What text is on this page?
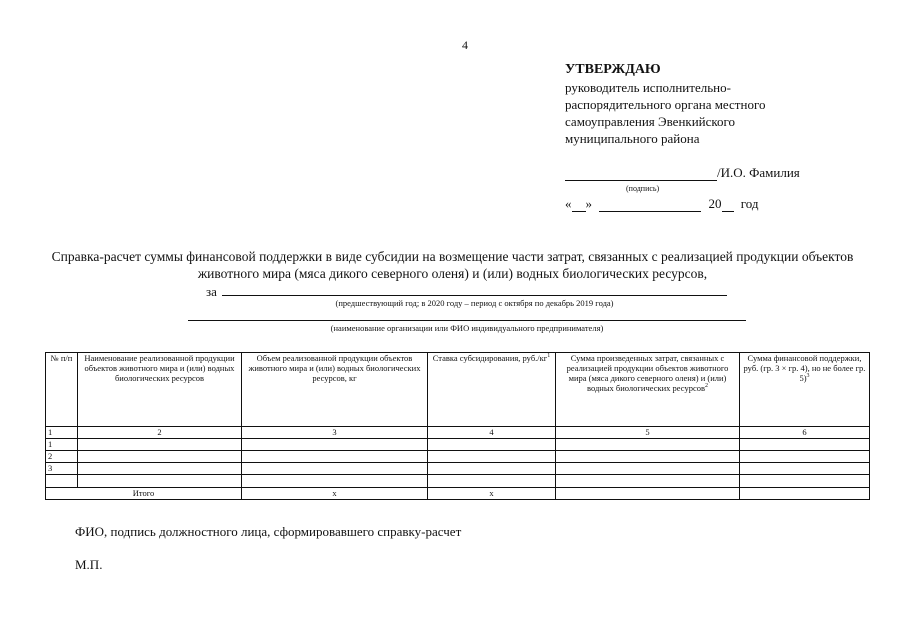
4
УТВЕРЖДАЮ
руководитель исполнительно-
распорядительного органа местного
самоуправления Эвенкийского
муниципального района
/И.О. Фамилия
(подпись)
« »	20 год
Справка-расчет суммы финансовой поддержки в виде субсидии на возмещение части затрат, связанных с реализацией продукции объектов животного мира (мяса дикого северного оленя) и (или) водных биологических ресурсов,
за
(предшествующий год; в 2020 году – период с октября по декабрь 2019 года)
(наименование организации или ФИО индивидуального предпринимателя)
№ п/п	Наименование реализованной продукции объектов животного мира и (или) водных биологических ресурсов	Объем реализованной продукции объектов животного мира и (или) водных биологических ресурсов, кг	Ставка субсидирования, $руб./кг^1$	Сумма произведенных затрат, связанных с реализацией продукции объектов животного мира (мяса дикого северного оленя) и (или) водных биологических ресурсов$^2$	Сумма финансовой поддержки, руб. (гр. 3 × гр. 4), но не более гр. 5)$^3$
1	2	3	4	5	6
1					
2					
3					

Итого		x	x		
ФИО, подпись должностного лица, сформировавшего справку-расчет
М.П.
